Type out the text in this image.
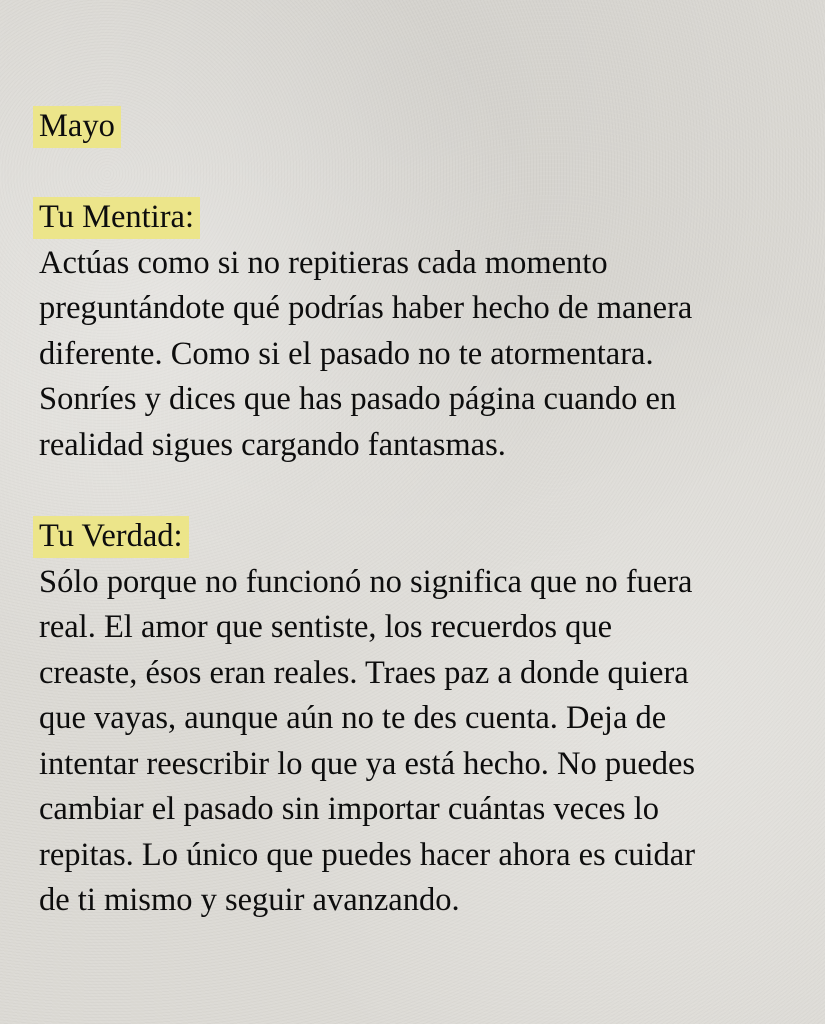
Mayo

Tu Mentira:

Actúas como si no repitieras cada momento

preguntándote qué podrías haber hecho de manera

diferente. Como si el pasado no te atormentara.

Sonríes y dices que has pasado página cuando en

realidad sigues cargando fantasmas.

Tu Verdad:

Sólo porque no funcionó no significa que no fuera

real. El amor que sentiste, los recuerdos que

creaste, ésos eran reales. Traes paz a donde quiera

que vayas, aunque aún no te des cuenta. Deja de

intentar reescribir lo que ya está hecho. No puedes

cambiar el pasado sin importar cuántas veces lo

repitas. Lo único que puedes hacer ahora es cuidar

de ti mismo y seguir avanzando.
